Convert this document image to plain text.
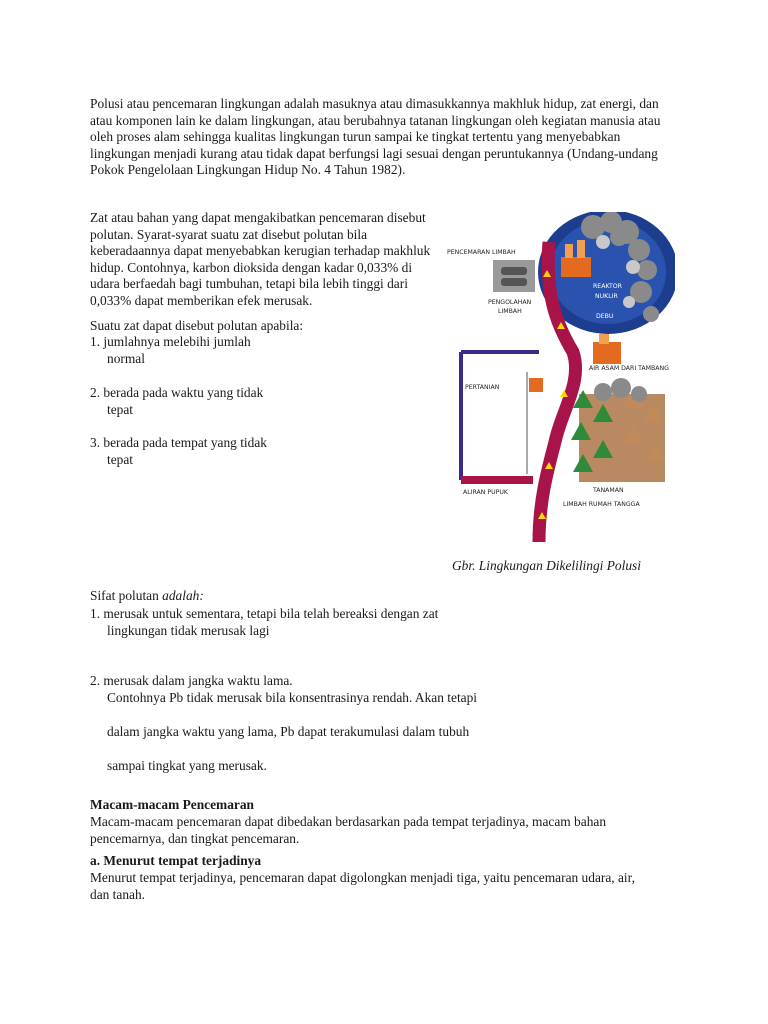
Polusi atau pencemaran lingkungan adalah masuknya atau dimasukkannya makhluk hidup, zat energi, dan atau komponen lain ke dalam lingkungan, atau berubahnya tatanan lingkungan oleh kegiatan manusia atau oleh proses alam sehingga kualitas lingkungan turun sampai ke tingkat tertentu yang menyebabkan lingkungan menjadi kurang atau tidak dapat berfungsi lagi sesuai dengan peruntukannya (Undang-undang Pokok Pengelolaan Lingkungan Hidup No. 4 Tahun 1982).

Zat atau bahan yang dapat mengakibatkan pencemaran disebut polutan. Syarat-syarat suatu zat disebut polutan bila keberadaannya dapat menyebabkan kerugian terhadap makhluk hidup. Contohnya, karbon dioksida dengan kadar 0,033% di udara berfaedah bagi tumbuhan, tetapi bila lebih tinggi dari 0,033% dapat memberikan efek merusak.

Suatu zat dapat disebut polutan apabila:

1. jumlahnya melebihi jumlah
normal
2. berada pada waktu yang tidak
tepat
3. berada pada tempat yang tidak
tepat
PENCEMARAN LIMBAH
REAKTOR
NUKLIR
DEBU
PENGOLAHAN
LIMBAH
AIR ASAM DARI TAMBANG
PERTANIAN
TANAMAN
ALIRAN PUPUK
LIMBAH RUMAH TANGGA
Gbr. Lingkungan Dikelilingi Polusi

Sifat polutan adalah:

1. merusak untuk sementara, tetapi bila telah bereaksi dengan zat
lingkungan tidak merusak lagi
2. merusak dalam jangka waktu lama.
Contohnya Pb tidak merusak bila konsentrasinya rendah. Akan tetapi

dalam jangka waktu yang lama, Pb dapat terakumulasi dalam tubuh

sampai tingkat yang merusak.

Macam-macam Pencemaran

Macam-macam pencemaran dapat dibedakan berdasarkan pada tempat terjadinya, macam bahan pencemarnya, dan tingkat pencemaran.

a. Menurut tempat terjadinya

Menurut tempat terjadinya, pencemaran dapat digolongkan menjadi tiga, yaitu pencemaran udara, air, dan tanah.
